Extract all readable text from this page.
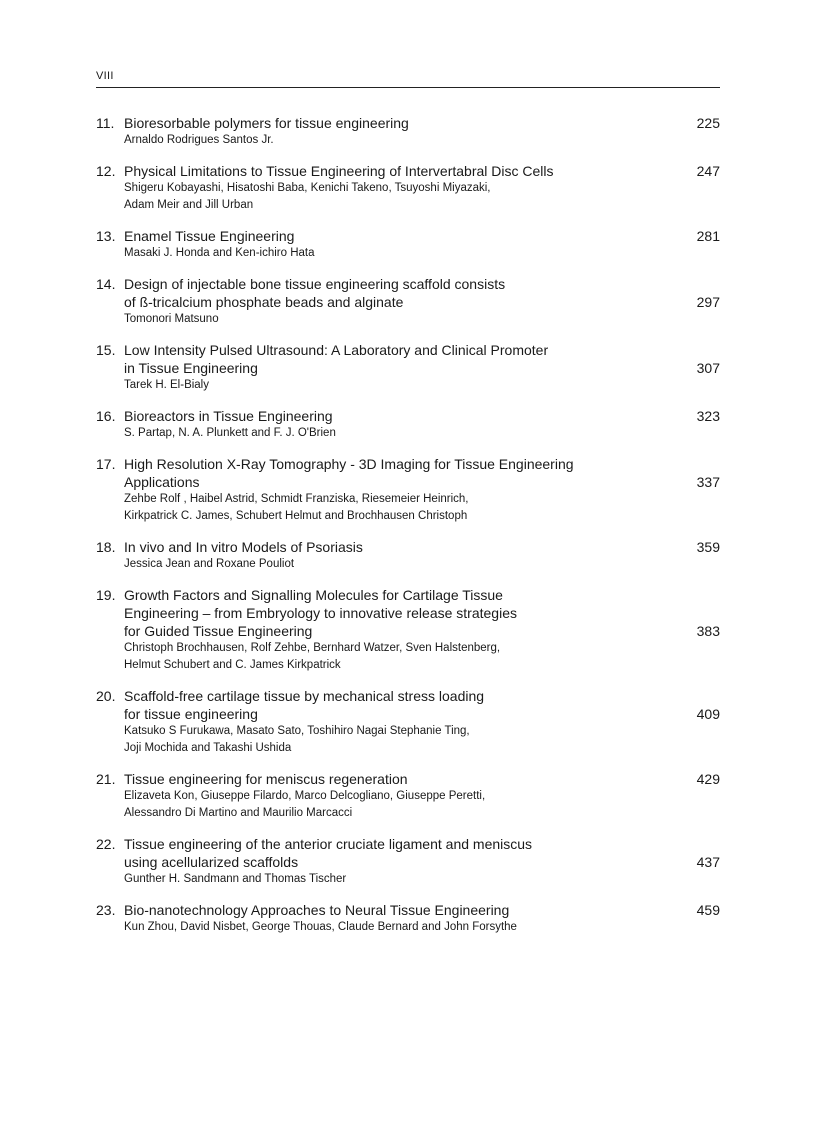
VIII
11. Bioresorbable polymers for tissue engineering
Arnaldo Rodrigues Santos Jr.
225
12. Physical Limitations to Tissue Engineering of Intervertabral Disc Cells
Shigeru Kobayashi, Hisatoshi Baba, Kenichi Takeno, Tsuyoshi Miyazaki,
Adam Meir and Jill Urban
247
13. Enamel Tissue Engineering
Masaki J. Honda and Ken-ichiro Hata
281
14. Design of injectable bone tissue engineering scaffold consists
of ß-tricalcium phosphate beads and alginate
Tomonori Matsuno
297
15. Low Intensity Pulsed Ultrasound: A Laboratory and Clinical Promoter
in Tissue Engineering
Tarek H. El-Bialy
307
16. Bioreactors in Tissue Engineering
S. Partap, N. A. Plunkett and F. J. O'Brien
323
17. High Resolution X-Ray Tomography - 3D Imaging for Tissue Engineering
Applications
Zehbe Rolf , Haibel Astrid, Schmidt Franziska, Riesemeier Heinrich,
Kirkpatrick C. James, Schubert Helmut and Brochhausen Christoph
337
18. In vivo and In vitro Models of Psoriasis
Jessica Jean and Roxane Pouliot
359
19. Growth Factors and Signalling Molecules for Cartilage Tissue
Engineering – from Embryology to innovative release strategies
for Guided Tissue Engineering
Christoph Brochhausen, Rolf Zehbe, Bernhard Watzer, Sven Halstenberg,
Helmut Schubert and C. James Kirkpatrick
383
20. Scaffold-free cartilage tissue by mechanical stress loading
for tissue engineering
Katsuko S Furukawa, Masato Sato, Toshihiro Nagai Stephanie Ting,
Joji Mochida and Takashi Ushida
409
21. Tissue engineering for meniscus regeneration
Elizaveta Kon, Giuseppe Filardo, Marco Delcogliano, Giuseppe Peretti,
Alessandro Di Martino and Maurilio Marcacci
429
22. Tissue engineering of the anterior cruciate ligament and meniscus
using acellularized scaffolds
Gunther H. Sandmann and Thomas Tischer
437
23. Bio-nanotechnology Approaches to Neural Tissue Engineering
Kun Zhou, David Nisbet, George Thouas, Claude Bernard and John Forsythe
459
